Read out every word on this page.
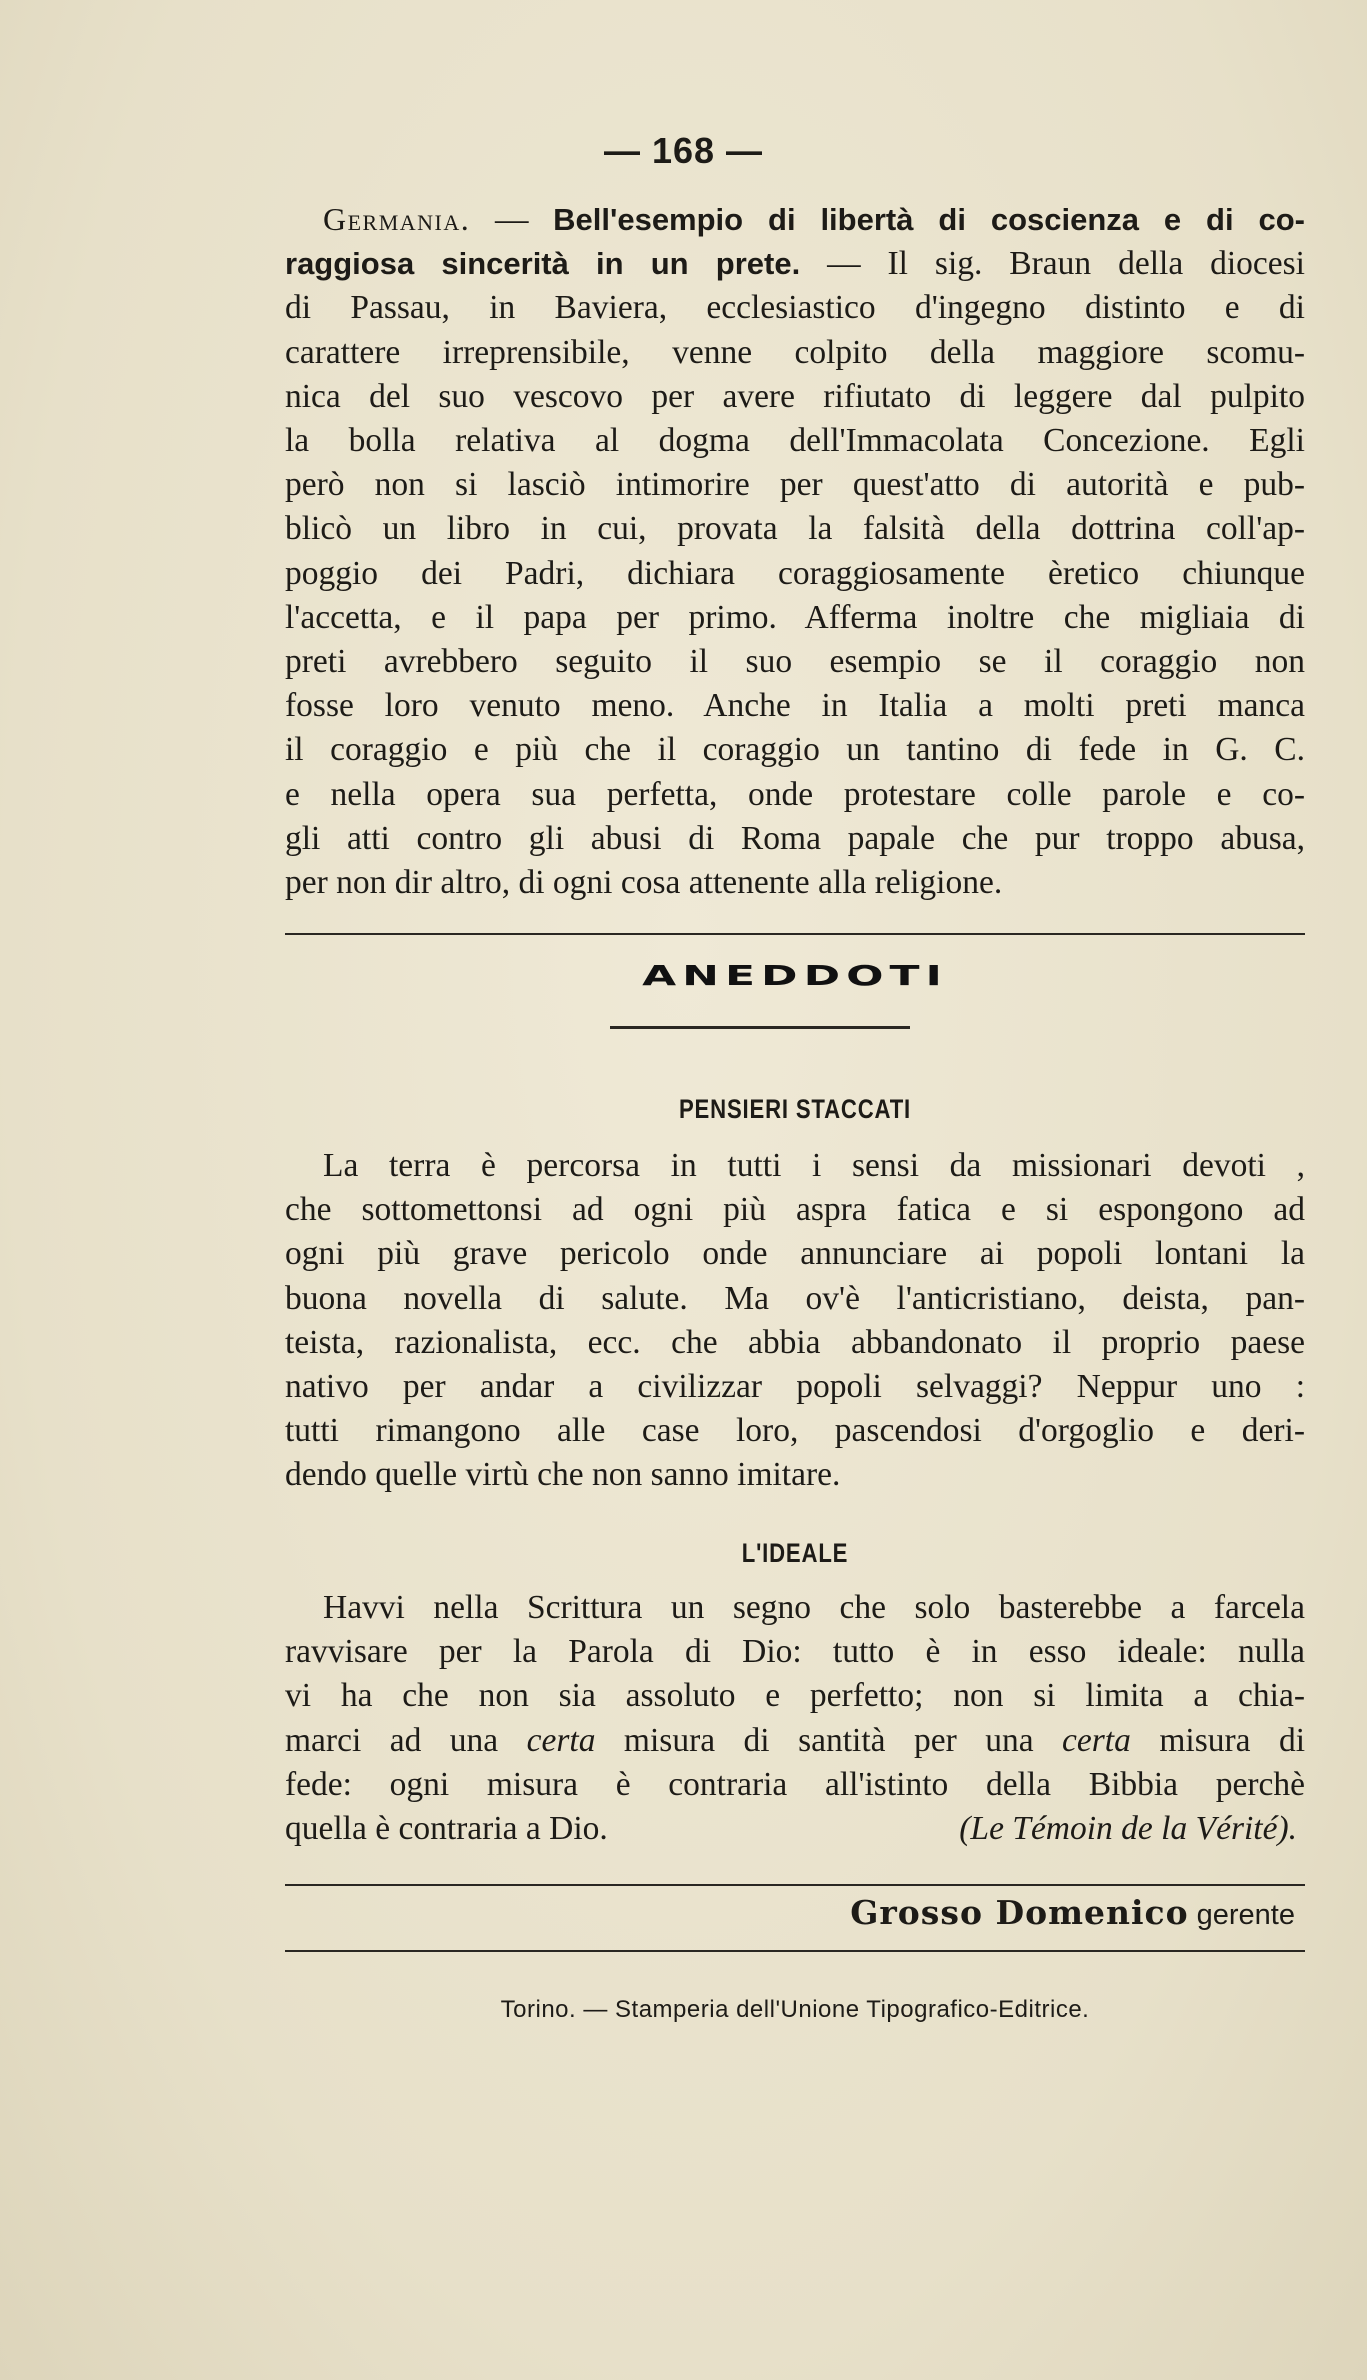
— 168 —
Germania. — Bell'esempio di libertà di coscienza e di co-
raggiosa sincerità in un prete. — Il sig. Braun della diocesi
di Passau, in Baviera, ecclesiastico d'ingegno distinto e di
carattere irreprensibile, venne colpito della maggiore scomu-
nica del suo vescovo per avere rifiutato di leggere dal pulpito
la bolla relativa al dogma dell'Immacolata Concezione. Egli
però non si lasciò intimorire per quest'atto di autorità e pub-
blicò un libro in cui, provata la falsità della dottrina coll'ap-
poggio dei Padri, dichiara coraggiosamente èretico chiunque
l'accetta, e il papa per primo. Afferma inoltre che migliaia di
preti avrebbero seguito il suo esempio se il coraggio non
fosse loro venuto meno. Anche in Italia a molti preti manca
il coraggio e più che il coraggio un tantino di fede in G. C.
e nella opera sua perfetta, onde protestare colle parole e co-
gli atti contro gli abusi di Roma papale che pur troppo abusa,
per non dir altro, di ogni cosa attenente alla religione.
ANEDDOTI
PENSIERI STACCATI
La terra è percorsa in tutti i sensi da missionari devoti ,
che sottomettonsi ad ogni più aspra fatica e si espongono ad
ogni più grave pericolo onde annunciare ai popoli lontani la
buona novella di salute. Ma ov'è l'anticristiano, deista, pan-
teista, razionalista, ecc. che abbia abbandonato il proprio paese
nativo per andar a civilizzar popoli selvaggi? Neppur uno :
tutti rimangono alle case loro, pascendosi d'orgoglio e deri-
dendo quelle virtù che non sanno imitare.
L'IDEALE
Havvi nella Scrittura un segno che solo basterebbe a farcela
ravvisare per la Parola di Dio: tutto è in esso ideale: nulla
vi ha che non sia assoluto e perfetto; non si limita a chia-
marci ad una certa misura di santità per una certa misura di
fede: ogni misura è contraria all'istinto della Bibbia perchè
quella è contraria a Dio.	(Le Témoin de la Vérité).
Grosso Domenico gerente
Torino. — Stamperia dell'Unione Tipografico-Editrice.
